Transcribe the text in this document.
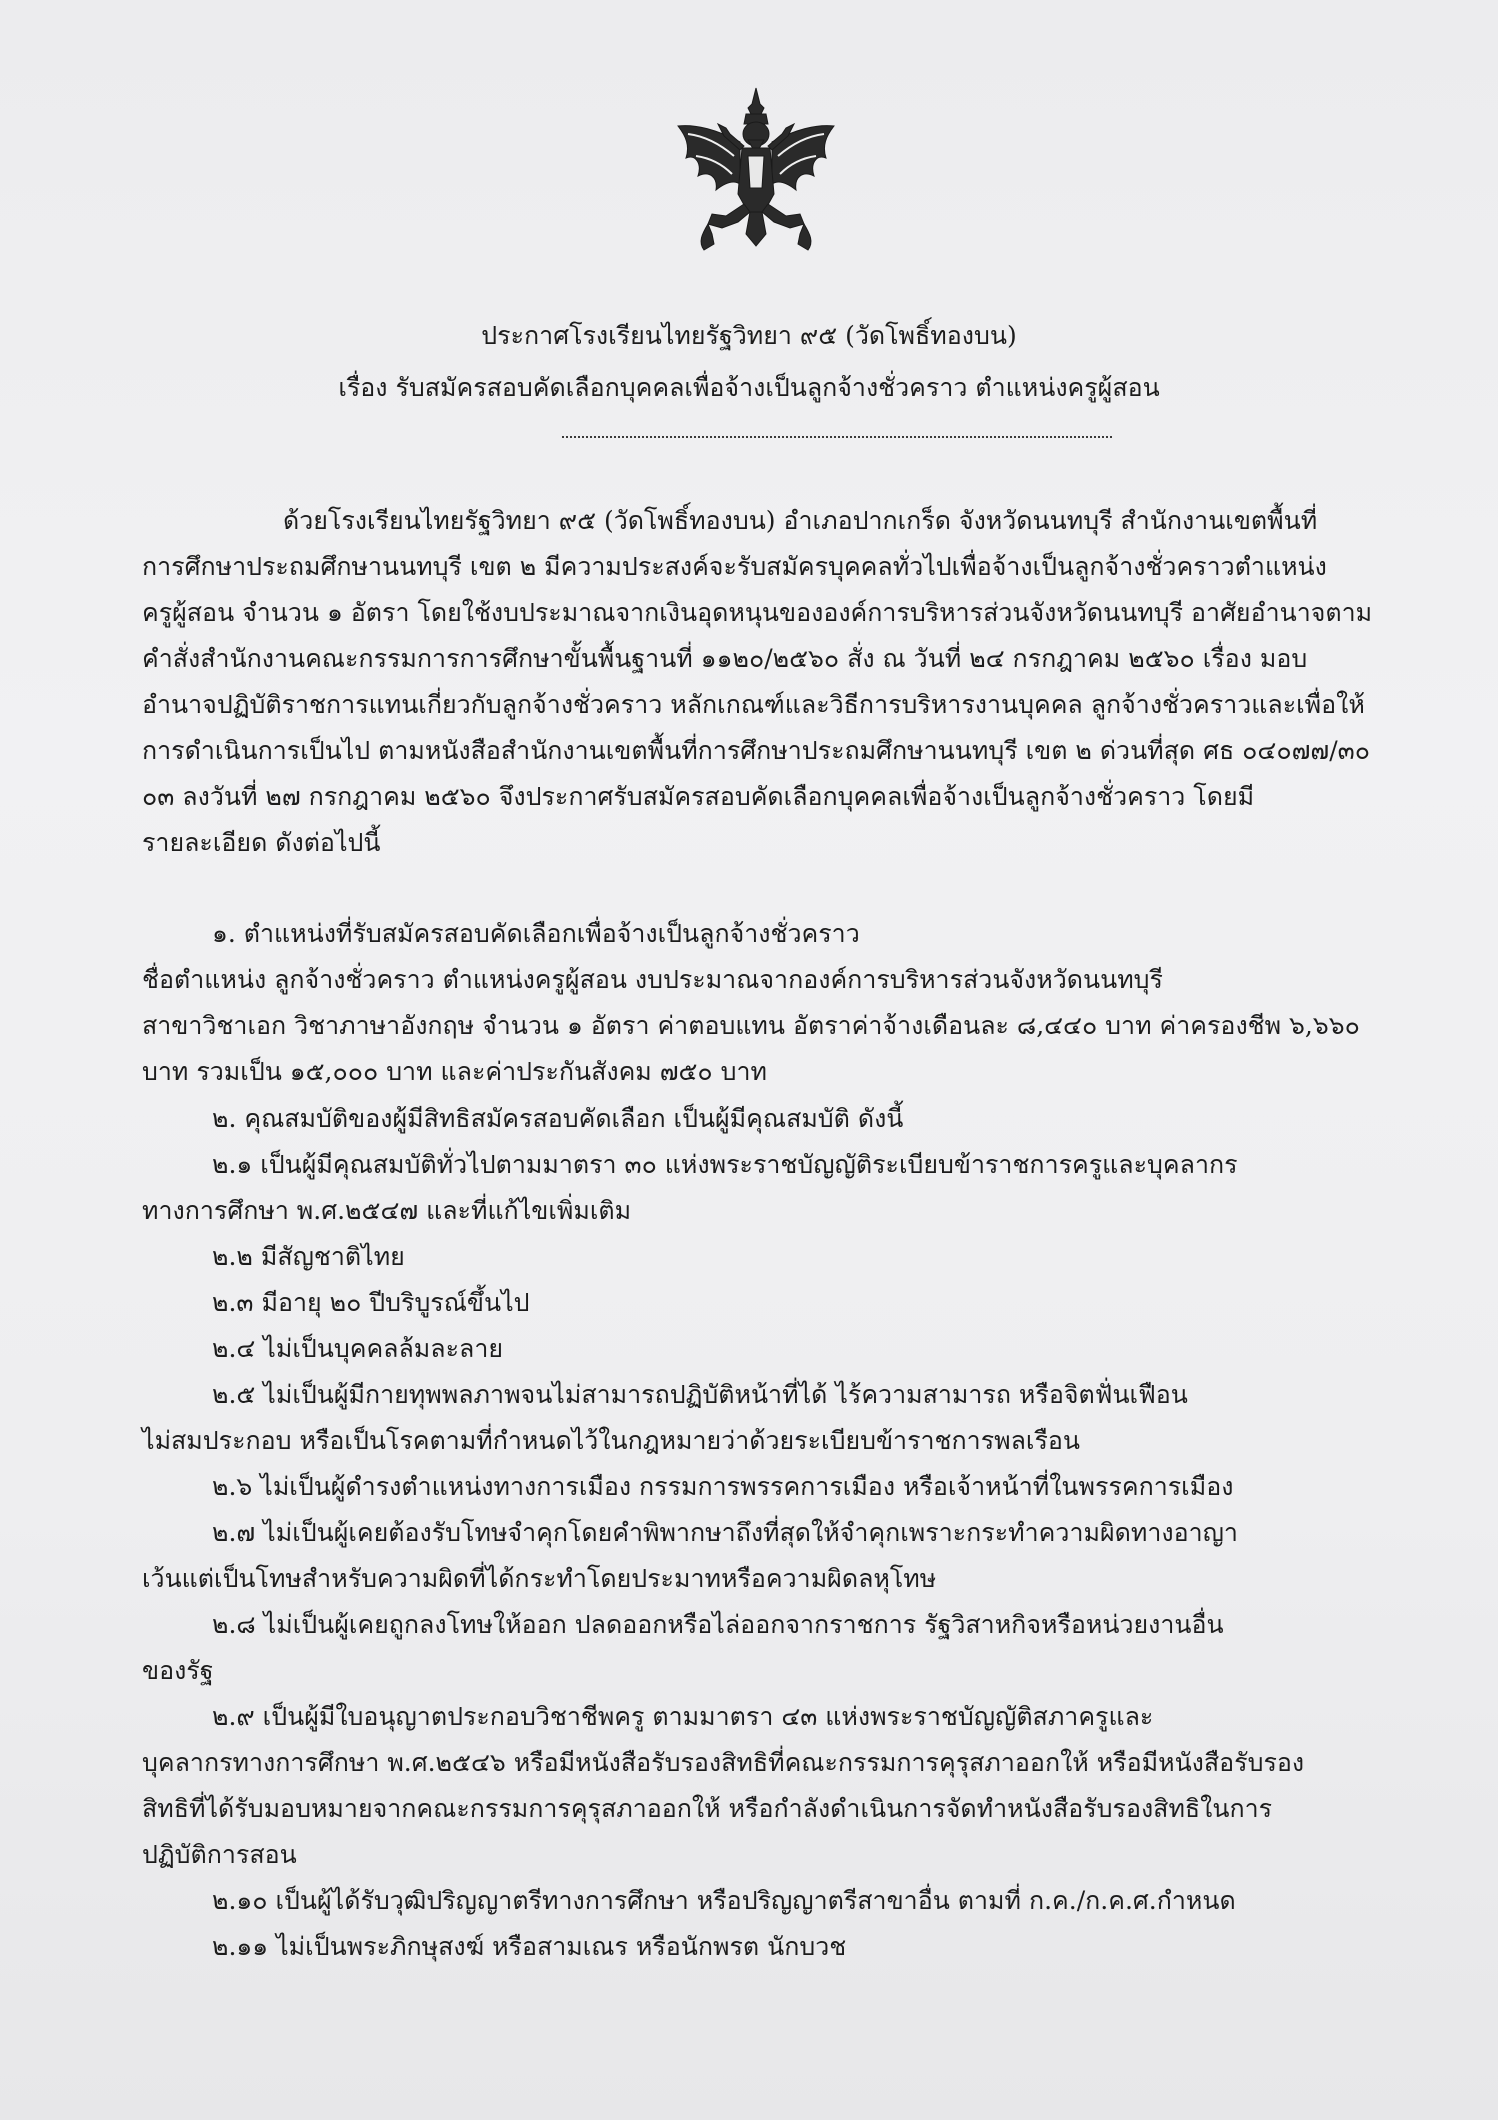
ประกาศโรงเรียนไทยรัฐวิทยา ๙๕ (วัดโพธิ์ทองบน)
เรื่อง รับสมัครสอบคัดเลือกบุคคลเพื่อจ้างเป็นลูกจ้างชั่วคราว ตำแหน่งครูผู้สอน
ด้วยโรงเรียนไทยรัฐวิทยา ๙๕ (วัดโพธิ์ทองบน) อำเภอปากเกร็ด จังหวัดนนทบุรี สำนักงานเขตพื้นที่
การศึกษาประถมศึกษานนทบุรี เขต ๒ มีความประสงค์จะรับสมัครบุคคลทั่วไปเพื่อจ้างเป็นลูกจ้างชั่วคราวตำแหน่ง
ครูผู้สอน จำนวน ๑ อัตรา โดยใช้งบประมาณจากเงินอุดหนุนขององค์การบริหารส่วนจังหวัดนนทบุรี อาศัยอำนาจตาม
คำสั่งสำนักงานคณะกรรมการการศึกษาขั้นพื้นฐานที่ ๑๑๒๐/๒๕๖๐ สั่ง ณ วันที่ ๒๔ กรกฎาคม ๒๕๖๐ เรื่อง มอบ
อำนาจปฏิบัติราชการแทนเกี่ยวกับลูกจ้างชั่วคราว หลักเกณฑ์และวิธีการบริหารงานบุคคล ลูกจ้างชั่วคราวและเพื่อให้
การดำเนินการเป็นไป ตามหนังสือสำนักงานเขตพื้นที่การศึกษาประถมศึกษานนทบุรี เขต ๒ ด่วนที่สุด ศธ ๐๔๐๗๗/๓๐
๐๓ ลงวันที่ ๒๗ กรกฎาคม ๒๕๖๐ จึงประกาศรับสมัครสอบคัดเลือกบุคคลเพื่อจ้างเป็นลูกจ้างชั่วคราว โดยมี
รายละเอียด ดังต่อไปนี้
๑. ตำแหน่งที่รับสมัครสอบคัดเลือกเพื่อจ้างเป็นลูกจ้างชั่วคราว
ชื่อตำแหน่ง ลูกจ้างชั่วคราว ตำแหน่งครูผู้สอน งบประมาณจากองค์การบริหารส่วนจังหวัดนนทบุรี
สาขาวิชาเอก วิชาภาษาอังกฤษ จำนวน ๑ อัตรา ค่าตอบแทน อัตราค่าจ้างเดือนละ ๘,๔๔๐ บาท ค่าครองชีพ ๖,๖๖๐
บาท รวมเป็น ๑๕,๐๐๐ บาท และค่าประกันสังคม ๗๕๐ บาท
๒. คุณสมบัติของผู้มีสิทธิสมัครสอบคัดเลือก เป็นผู้มีคุณสมบัติ ดังนี้
๒.๑ เป็นผู้มีคุณสมบัติทั่วไปตามมาตรา ๓๐ แห่งพระราชบัญญัติระเบียบข้าราชการครูและบุคลากร
ทางการศึกษา พ.ศ.๒๕๔๗ และที่แก้ไขเพิ่มเติม
๒.๒ มีสัญชาติไทย
๒.๓ มีอายุ ๒๐ ปีบริบูรณ์ขึ้นไป
๒.๔ ไม่เป็นบุคคลล้มละลาย
๒.๕ ไม่เป็นผู้มีกายทุพพลภาพจนไม่สามารถปฏิบัติหน้าที่ได้ ไร้ความสามารถ หรือจิตฟั่นเฟือน
ไม่สมประกอบ หรือเป็นโรคตามที่กำหนดไว้ในกฎหมายว่าด้วยระเบียบข้าราชการพลเรือน
๒.๖ ไม่เป็นผู้ดำรงตำแหน่งทางการเมือง กรรมการพรรคการเมือง หรือเจ้าหน้าที่ในพรรคการเมือง
๒.๗ ไม่เป็นผู้เคยต้องรับโทษจำคุกโดยคำพิพากษาถึงที่สุดให้จำคุกเพราะกระทำความผิดทางอาญา
เว้นแต่เป็นโทษสำหรับความผิดที่ได้กระทำโดยประมาทหรือความผิดลหุโทษ
๒.๘ ไม่เป็นผู้เคยถูกลงโทษให้ออก ปลดออกหรือไล่ออกจากราชการ รัฐวิสาหกิจหรือหน่วยงานอื่น
ของรัฐ
๒.๙ เป็นผู้มีใบอนุญาตประกอบวิชาชีพครู ตามมาตรา ๔๓ แห่งพระราชบัญญัติสภาครูและ
บุคลากรทางการศึกษา พ.ศ.๒๕๔๖ หรือมีหนังสือรับรองสิทธิที่คณะกรรมการคุรุสภาออกให้ หรือมีหนังสือรับรอง
สิทธิที่ได้รับมอบหมายจากคณะกรรมการคุรุสภาออกให้ หรือกำลังดำเนินการจัดทำหนังสือรับรองสิทธิในการ
ปฏิบัติการสอน
๒.๑๐ เป็นผู้ได้รับวุฒิปริญญาตรีทางการศึกษา หรือปริญญาตรีสาขาอื่น ตามที่ ก.ค./ก.ค.ศ.กำหนด
๒.๑๑ ไม่เป็นพระภิกษุสงฆ์ หรือสามเณร หรือนักพรต นักบวช
